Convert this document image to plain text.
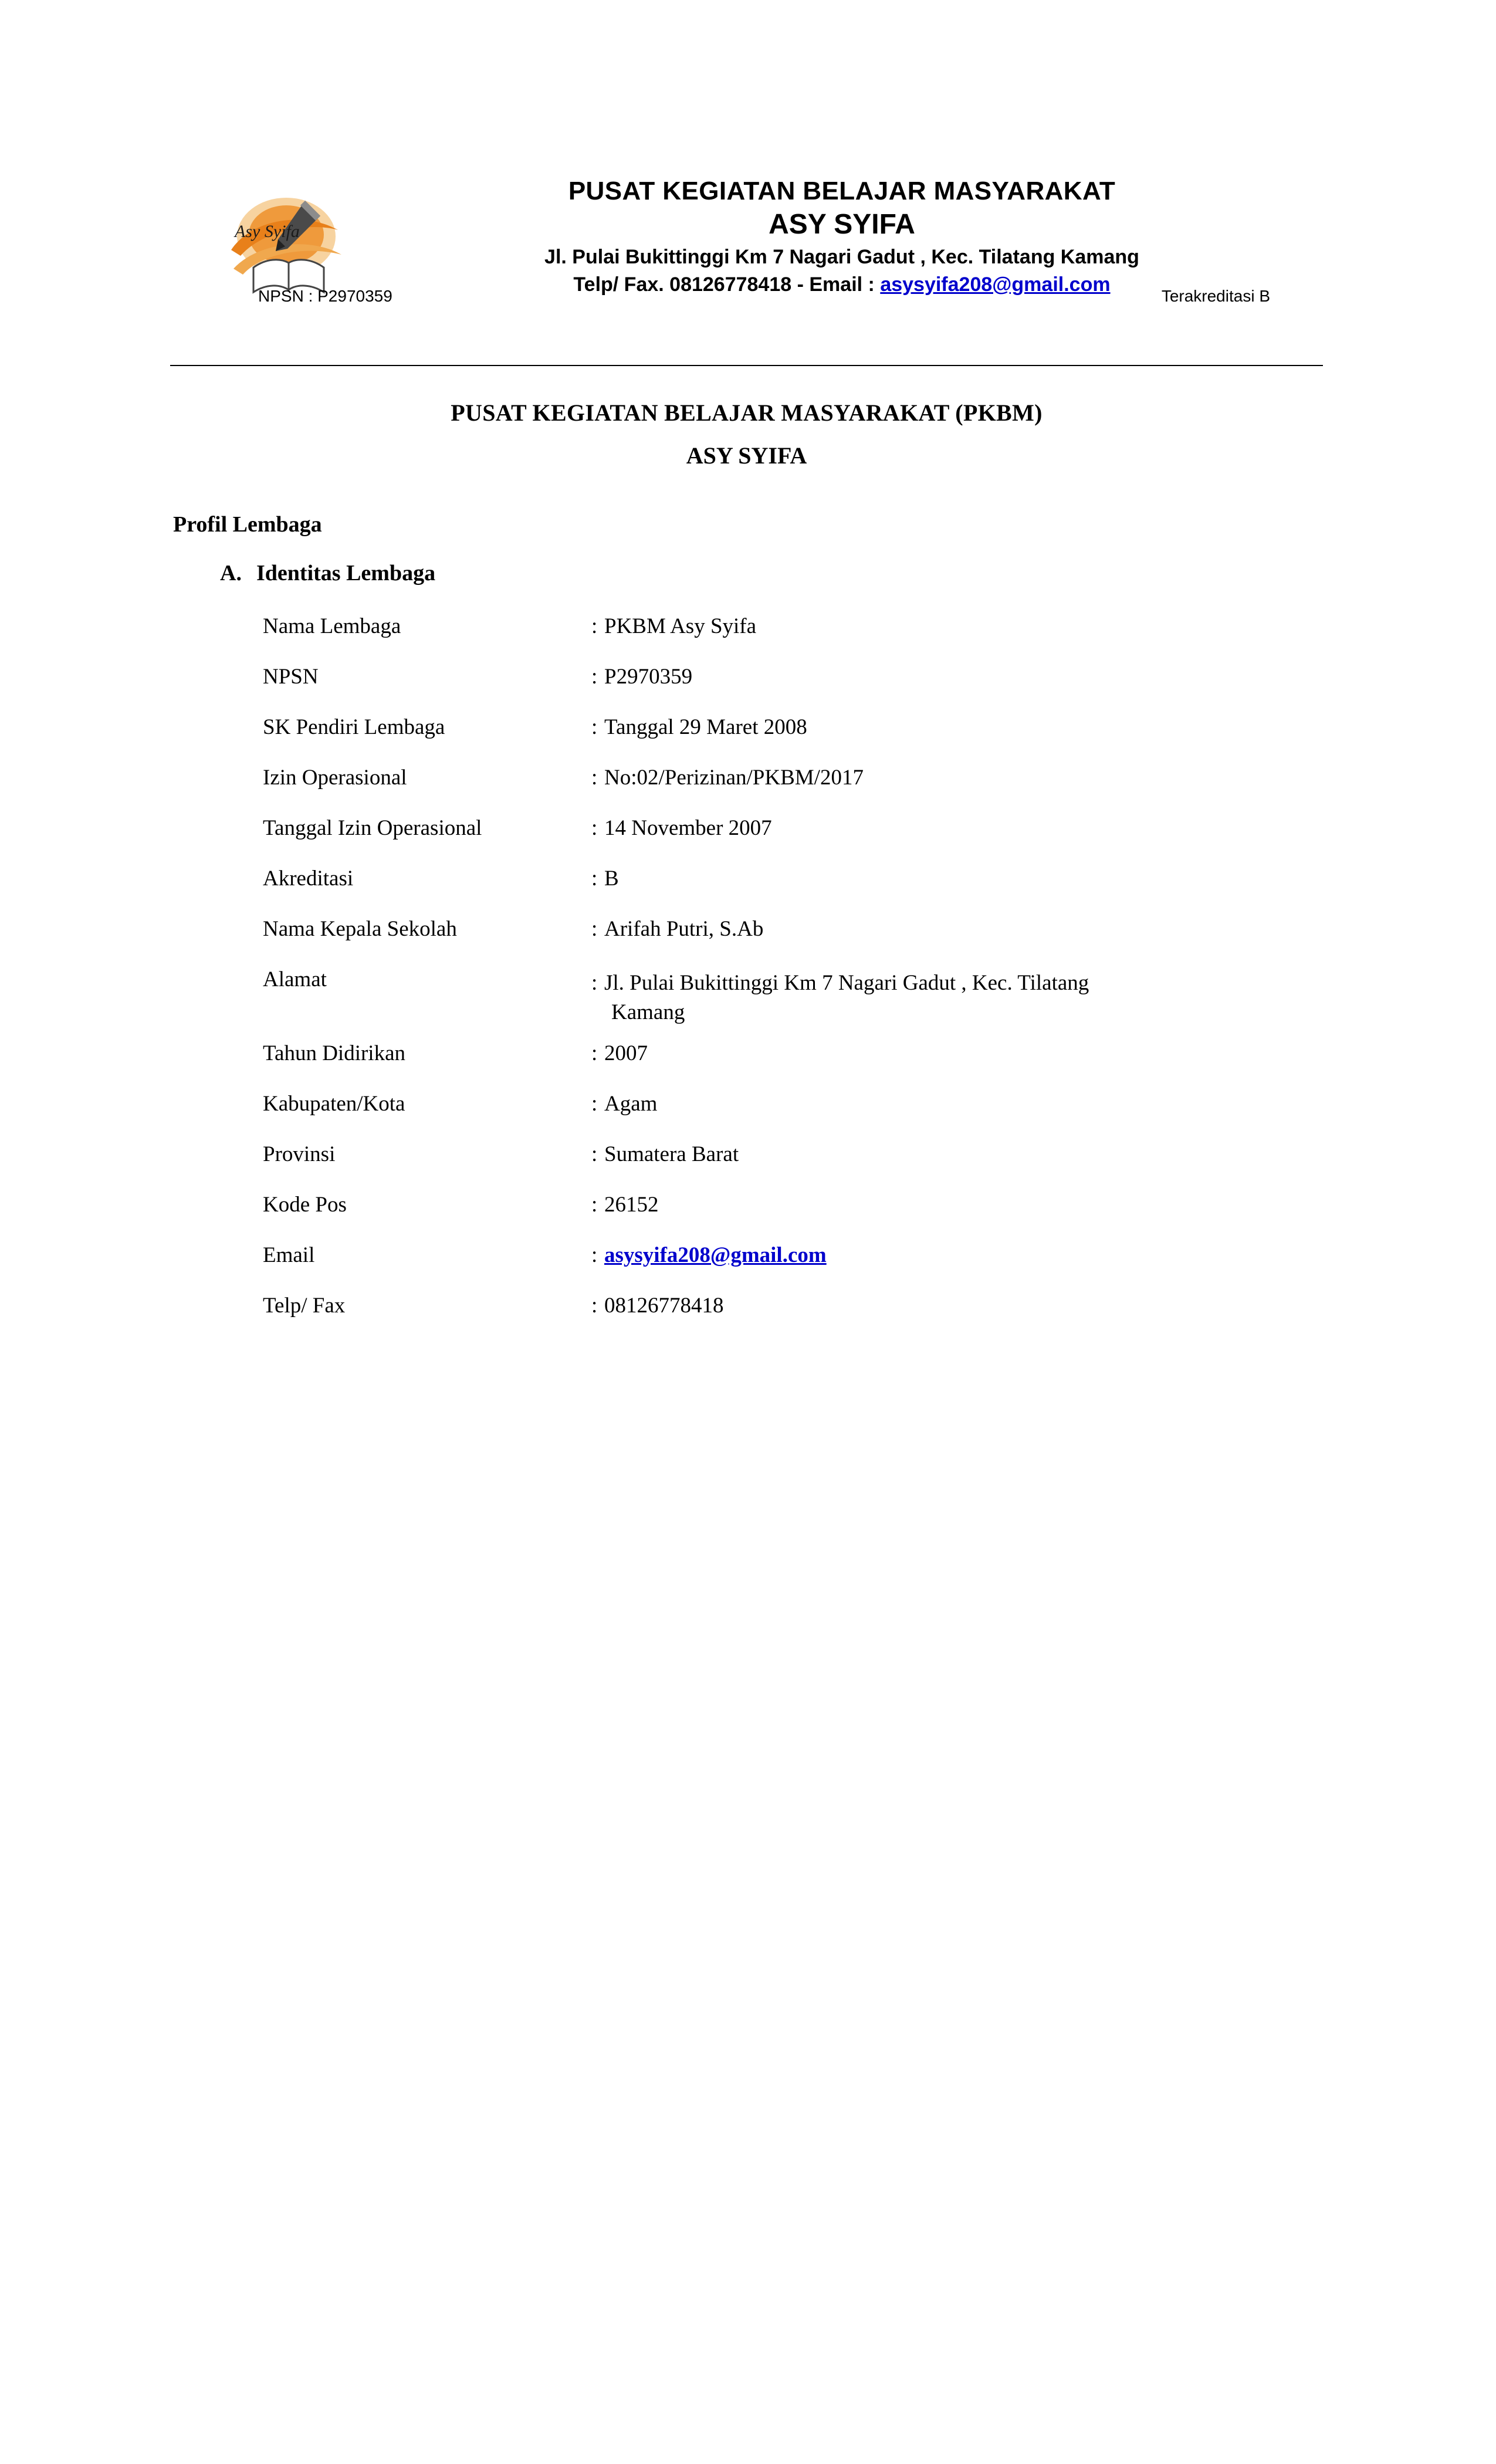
Asy Syifa
PUSAT KEGIATAN BELAJAR MASYARAKAT
ASY SYIFA
Jl. Pulai Bukittinggi Km 7 Nagari Gadut , Kec. Tilatang Kamang
Telp/ Fax. 08126778418 - Email : asysyifa208@gmail.com
NPSN : P2970359	Terakreditasi B
PUSAT KEGIATAN BELAJAR MASYARAKAT (PKBM)
ASY SYIFA
Profil Lembaga
A. Identitas Lembaga
Nama Lembaga	: PKBM Asy Syifa
NPSN	: P2970359
SK Pendiri Lembaga	: Tanggal 29 Maret 2008
Izin Operasional	: No:02/Perizinan/PKBM/2017
Tanggal Izin Operasional	: 14 November 2007
Akreditasi	: B
Nama Kepala Sekolah	: Arifah Putri, S.Ab
Alamat	: Jl. Pulai Bukittinggi Km 7 Nagari Gadut , Kec. Tilatang
Kamang
Tahun Didirikan	: 2007
Kabupaten/Kota	: Agam
Provinsi	: Sumatera Barat
Kode Pos	: 26152
Email	: asysyifa208@gmail.com
Telp/ Fax	: 08126778418
